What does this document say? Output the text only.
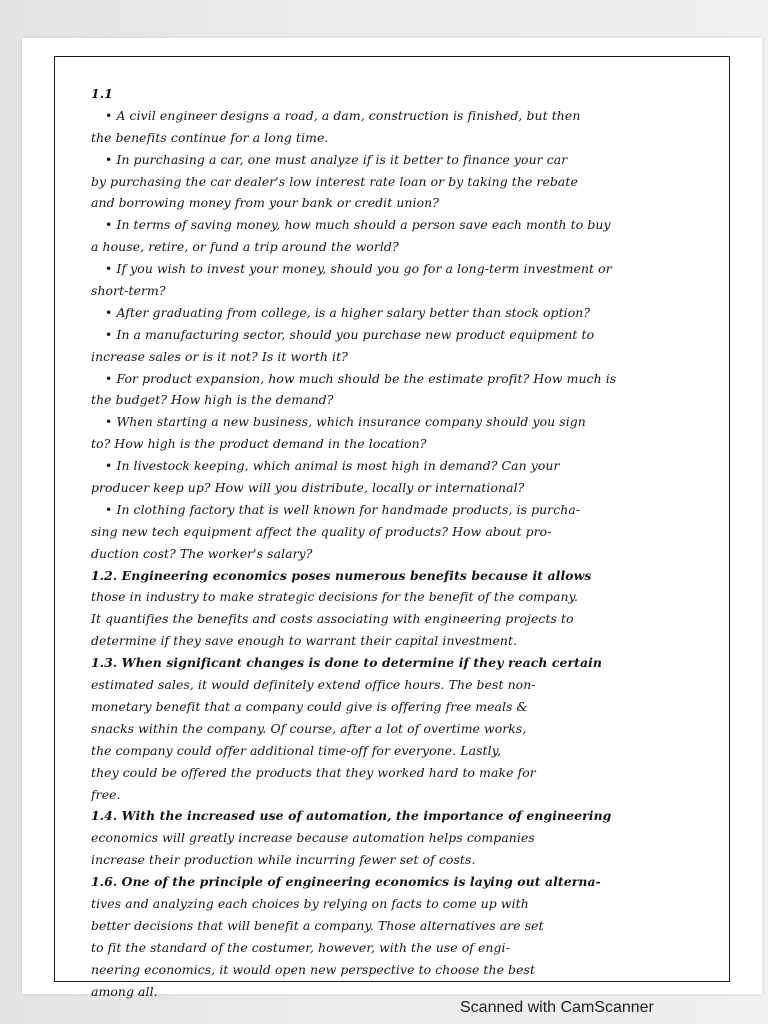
1.1
• A civil engineer designs a road, a dam, construction is finished, but then
the benefits continue for a long time.
• In purchasing a car, one must analyze if is it better to finance your car
by purchasing the car dealer's low interest rate loan or by taking the rebate
and borrowing money from your bank or credit union?
• In terms of saving money, how much should a person save each month to buy
a house, retire, or fund a trip around the world?
• If you wish to invest your money, should you go for a long-term investment or
short-term?
• After graduating from college, is a higher salary better than stock option?
• In a manufacturing sector, should you purchase new product equipment to
increase sales or is it not? Is it worth it?
• For product expansion, how much should be the estimate profit? How much is
the budget? How high is the demand?
• When starting a new business, which insurance company should you sign
to? How high is the product demand in the location?
• In livestock keeping, which animal is most high in demand? Can your
producer keep up? How will you distribute, locally or international?
• In clothing factory that is well known for handmade products, is purcha-
sing new tech equipment affect the quality of products? How about pro-
duction cost? The worker's salary?
1.2. Engineering economics poses numerous benefits because it allows
those in industry to make strategic decisions for the benefit of the company.
It quantifies the benefits and costs associating with engineering projects to
determine if they save enough to warrant their capital investment.
1.3. When significant changes is done to determine if they reach certain
estimated sales, it would definitely extend office hours. The best non-
monetary benefit that a company could give is offering free meals &
snacks within the company. Of course, after a lot of overtime works,
the company could offer additional time-off for everyone. Lastly,
they could be offered the products that they worked hard to make for
free.
1.4. With the increased use of automation, the importance of engineering
economics will greatly increase because automation helps companies
increase their production while incurring fewer set of costs.
1.6. One of the principle of engineering economics is laying out alterna-
tives and analyzing each choices by relying on facts to come up with
better decisions that will benefit a company. Those alternatives are set
to fit the standard of the costumer, however, with the use of engi-
neering economics, it would open new perspective to choose the best
among all.
Scanned with CamScanner
